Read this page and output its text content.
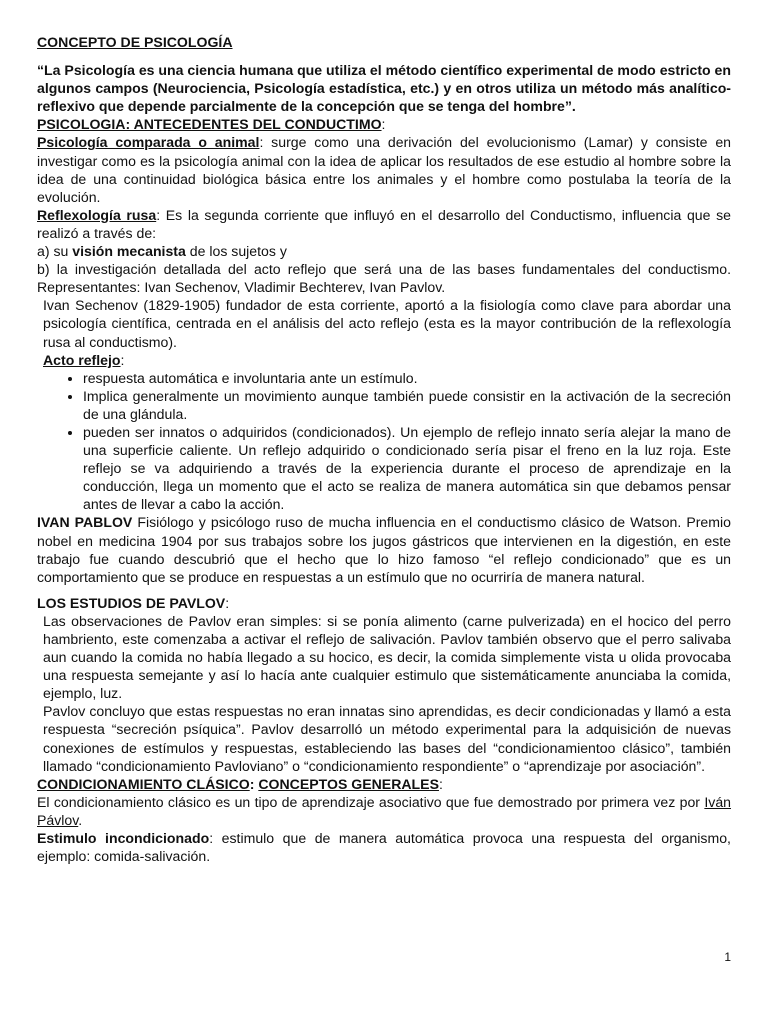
CONCEPTO DE PSICOLOGÍA

“La Psicología es una ciencia humana que utiliza el método científico experimental de modo estricto en algunos campos (Neurociencia, Psicología estadística, etc.) y en otros utiliza un método más analítico-reflexivo que depende parcialmente de la concepción que se tenga del hombre”.

PSICOLOGIA: ANTECEDENTES DEL CONDUCTIMO:

Psicología comparada o animal: surge como una derivación del evolucionismo (Lamar) y consiste en investigar como es la psicología animal con la idea de aplicar los resultados de ese estudio al hombre sobre la idea de una continuidad biológica básica entre los animales y el hombre como postulaba la teoría de la evolución.

Reflexología rusa: Es la segunda corriente que influyó en el desarrollo del Conductismo, influencia que se realizó a través de:

a) su visión mecanista de los sujetos y

b) la investigación detallada del acto reflejo que será una de las bases fundamentales del conductismo. Representantes: Ivan Sechenov, Vladimir Bechterev, Ivan Pavlov.

Ivan Sechenov (1829-1905) fundador de esta corriente, aportó a la fisiología como clave para abordar una psicología científica, centrada en el análisis del acto reflejo (esta es la mayor contribución de la reflexología rusa al conductismo).

Acto reflejo:

• respuesta automática e involuntaria ante un estímulo.
• Implica generalmente un movimiento aunque también puede consistir en la activación de la secreción de una glándula.
• pueden ser innatos o adquiridos (condicionados). Un ejemplo de reflejo innato sería alejar la mano de una superficie caliente. Un reflejo adquirido o condicionado sería pisar el freno en la luz roja. Este reflejo se va adquiriendo a través de la experiencia durante el proceso de aprendizaje en la conducción, llega un momento que el acto se realiza de manera automática sin que debamos pensar antes de llevar a cabo la acción.

IVAN PABLOV Fisiólogo y psicólogo ruso de mucha influencia en el conductismo clásico de Watson. Premio nobel en medicina 1904 por sus trabajos sobre los jugos gástricos que intervienen en la digestión, en este trabajo fue cuando descubrió que el hecho que lo hizo famoso “el reflejo condicionado” que es un comportamiento que se produce en respuestas a un estímulo que no ocurriría de manera natural.

LOS ESTUDIOS DE PAVLOV:

Las observaciones de Pavlov eran simples: si se ponía alimento (carne pulverizada) en el hocico del perro hambriento, este comenzaba a activar el reflejo de salivación. Pavlov también observo que el perro salivaba aun cuando la comida no había llegado a su hocico, es decir, la comida simplemente vista u olida provocaba una respuesta semejante y así lo hacía ante cualquier estimulo que sistemáticamente anunciaba la comida, ejemplo, luz.

Pavlov concluyo que estas respuestas no eran innatas sino aprendidas, es decir condicionadas y llamó a esta respuesta “secreción psíquica”. Pavlov desarrolló un método experimental para la adquisición de nuevas conexiones de estímulos y respuestas, estableciendo las bases del “condicionamientoo clásico”, también llamado “condicionamiento Pavloviano” o “condicionamiento respondiente” o “aprendizaje por asociación”.

CONDICIONAMIENTO CLÁSICO: CONCEPTOS GENERALES:

El condicionamiento clásico es un tipo de aprendizaje asociativo que fue demostrado por primera vez por Iván Pávlov.

Estimulo incondicionado: estimulo que de manera automática provoca una respuesta del organismo, ejemplo: comida-salivación.

1
